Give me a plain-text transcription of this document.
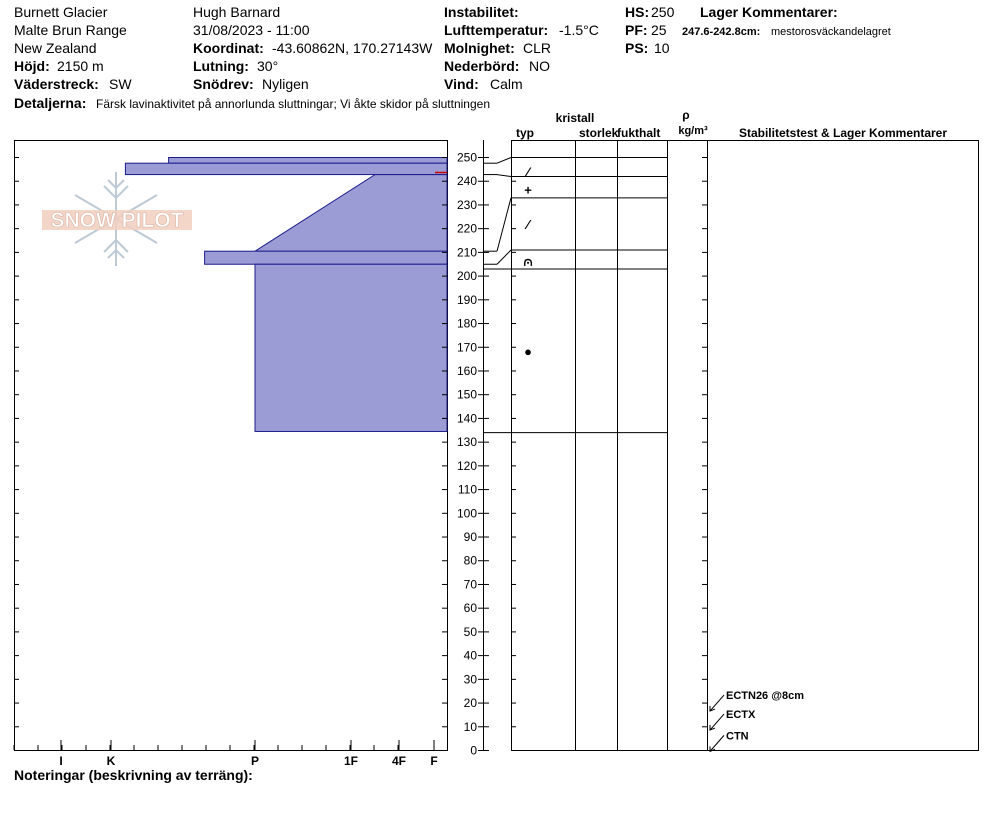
Burnett Glacier
Malte Brun Range
New Zealand
Höjd: 2150 m
Väderstreck: SW
Hugh Barnard
31/08/2023 - 11:00
Koordinat: -43.60862N, 170.27143W
Lutning: 30°
Snödrev: Nyligen
Instabilitet:
Lufttemperatur: -1.5°C
Molnighet: CLR
Nederbörd: NO
Vind: Calm
HS: 250
PF: 25
PS: 10
Lager Kommentarer:
247.6-242.8cm: mestorosväckandelagret
Detaljerna: Färsk lavinaktivitet på annorlunda sluttningar; Vi åkte skidor på sluttningen
Noteringar (beskrivning av terräng):
SNOW PILOT
I	K	P	1F	4F F
0
10
20
30
40
50
60
70
80
90
100
110
120
130
140
150
160
170
180
190
200
210
220
230
240
250
⁄
+
⁄
⩀
●
ECTN26 @8cm
ECTX
CTN
kristall
typ	storlek
fukthalt
ρ
kg/m³	Stabilitetstest & Lager Kommentarer
